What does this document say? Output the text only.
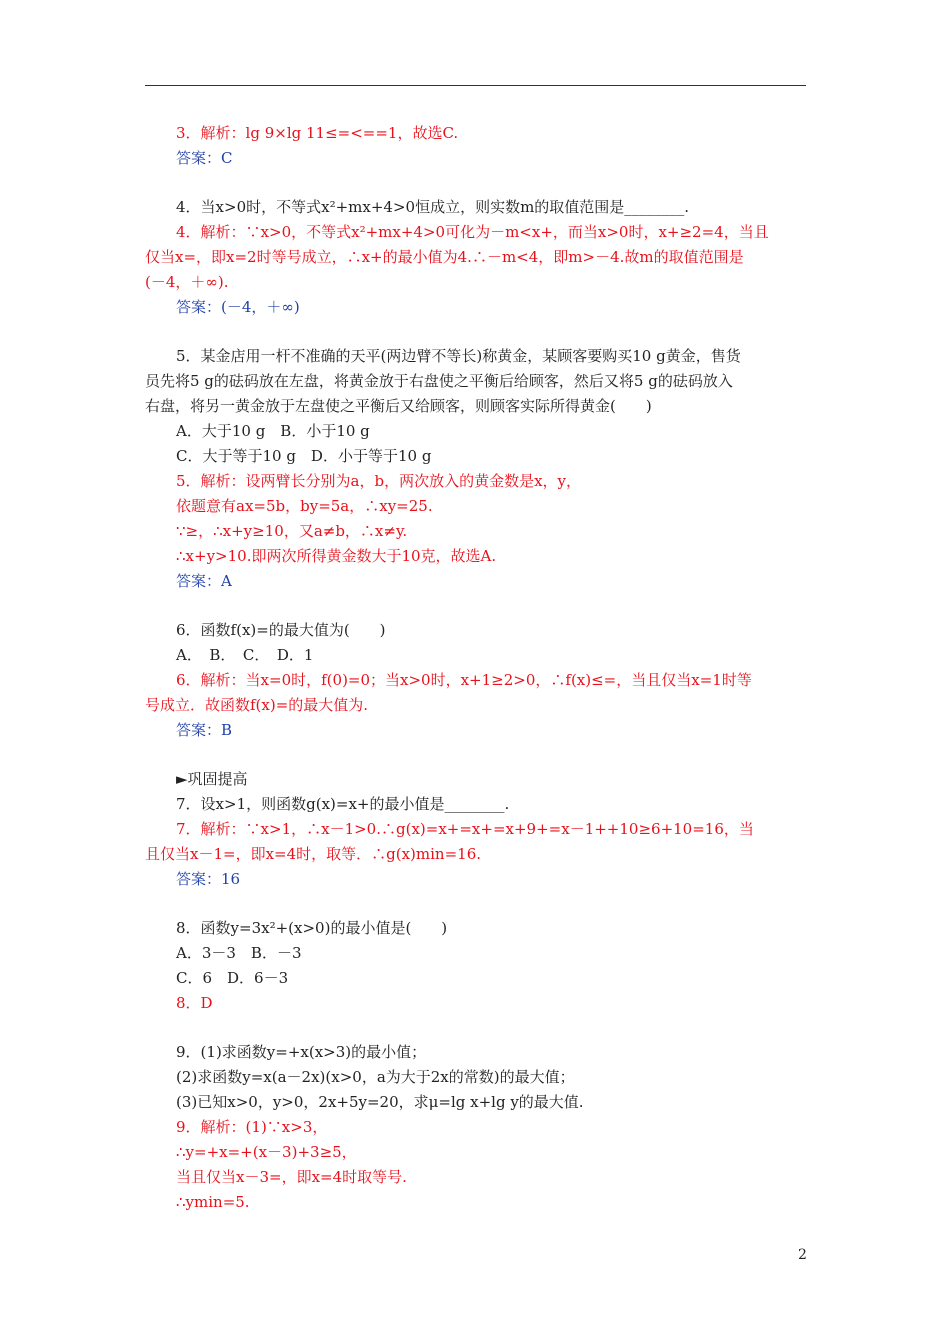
3．解析：lg 9×lg 11≤=<==1，故选C.
答案：C
4．当x>0时，不等式x²+mx+4>0恒成立，则实数m的取值范围是________.
4．解析：∵x>0，不等式x²+mx+4>0可化为－m<x+，而当x>0时，x+≥2=4，当且
仅当x=，即x=2时等号成立，∴x+的最小值为4.∴－m<4，即m>－4.故m的取值范围是
(－4，＋∞).
答案：(－4，＋∞)
5．某金店用一杆不准确的天平(两边臂不等长)称黄金，某顾客要购买10 g黄金，售货
员先将5 g的砝码放在左盘，将黄金放于右盘使之平衡后给顾客，然后又将5 g的砝码放入
右盘，将另一黄金放于左盘使之平衡后又给顾客，则顾客实际所得黄金(　　)
A．大于10 g　B．小于10 g
C．大于等于10 g　D．小于等于10 g
5．解析：设两臂长分别为a，b，两次放入的黄金数是x，y，
依题意有ax=5b，by=5a，∴xy=25.
∵≥，∴x+y≥10，又a≠b，∴x≠y.
∴x+y>10.即两次所得黄金数大于10克，故选A.
答案：A
6．函数f(x)=的最大值为(　　)
A．　B．　C．　D．1
6．解析：当x=0时，f(0)=0；当x>0时，x+1≥2>0，∴f(x)≤=，当且仅当x=1时等
号成立．故函数f(x)=的最大值为.
答案：B
►巩固提高
7．设x>1，则函数g(x)=x+的最小值是________.
7．解析：∵x>1，∴x－1>0.∴g(x)=x+=x+=x+9+=x－1++10≥6+10=16，当
且仅当x－1=，即x=4时，取等．∴g(x)min=16.
答案：16
8．函数y=3x²+(x>0)的最小值是(　　)
A．3－3　B．－3
C．6　D．6－3
8．D
9．(1)求函数y=+x(x>3)的最小值；
(2)求函数y=x(a－2x)(x>0，a为大于2x的常数)的最大值；
(3)已知x>0，y>0，2x+5y=20，求μ=lg x+lg y的最大值.
9．解析：(1)∵x>3，
∴y=+x=+(x－3)+3≥5，
当且仅当x－3=，即x=4时取等号.
∴ymin=5.
2
